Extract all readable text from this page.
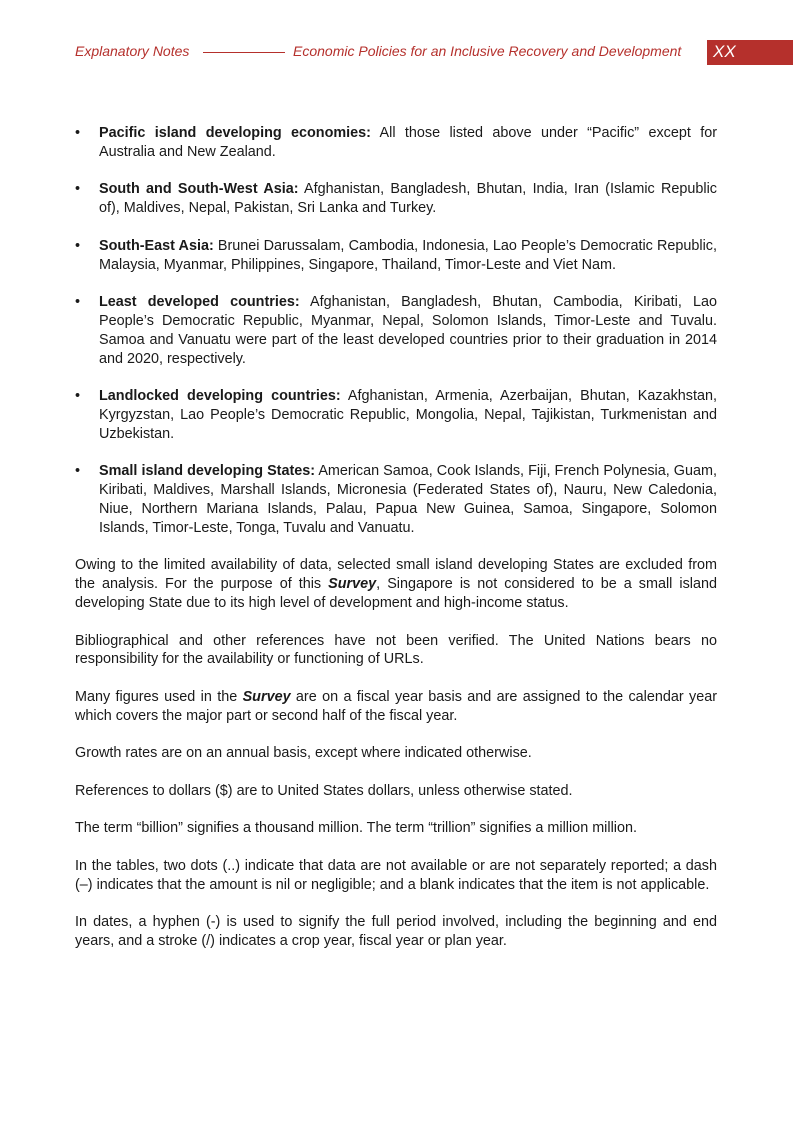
Explanatory Notes	Economic Policies for an Inclusive Recovery and Development XX
• Pacific island developing economies: All those listed above under “Pacific” except for Australia and New Zealand.
• South and South-West Asia: Afghanistan, Bangladesh, Bhutan, India, Iran (Islamic Republic of), Maldives, Nepal, Pakistan, Sri Lanka and Turkey.
• South-East Asia: Brunei Darussalam, Cambodia, Indonesia, Lao People’s Democratic Republic, Malaysia, Myanmar, Philippines, Singapore, Thailand, Timor-Leste and Viet Nam.
• Least developed countries: Afghanistan, Bangladesh, Bhutan, Cambodia, Kiribati, Lao People’s Democratic Republic, Myanmar, Nepal, Solomon Islands, Timor-Leste and Tuvalu. Samoa and Vanuatu were part of the least developed countries prior to their graduation in 2014 and 2020, respectively.
• Landlocked developing countries: Afghanistan, Armenia, Azerbaijan, Bhutan, Kazakhstan, Kyrgyzstan, Lao People’s Democratic Republic, Mongolia, Nepal, Tajikistan, Turkmenistan and Uzbekistan.
• Small island developing States: American Samoa, Cook Islands, Fiji, French Polynesia, Guam, Kiribati, Maldives, Marshall Islands, Micronesia (Federated States of), Nauru, New Caledonia, Niue, Northern Mariana Islands, Palau, Papua New Guinea, Samoa, Singapore, Solomon Islands, Timor-Leste, Tonga, Tuvalu and Vanuatu.

Owing to the limited availability of data, selected small island developing States are excluded from the analysis. For the purpose of this Survey, Singapore is not considered to be a small island developing State due to its high level of development and high-income status.

Bibliographical and other references have not been verified. The United Nations bears no responsibility for the availability or functioning of URLs.

Many figures used in the Survey are on a fiscal year basis and are assigned to the calendar year which covers the major part or second half of the fiscal year.

Growth rates are on an annual basis, except where indicated otherwise.

References to dollars ($) are to United States dollars, unless otherwise stated.

The term “billion” signifies a thousand million. The term “trillion” signifies a million million.

In the tables, two dots (..) indicate that data are not available or are not separately reported; a dash (–) indicates that the amount is nil or negligible; and a blank indicates that the item is not applicable.

In dates, a hyphen (-) is used to signify the full period involved, including the beginning and end years, and a stroke (/) indicates a crop year, fiscal year or plan year.
